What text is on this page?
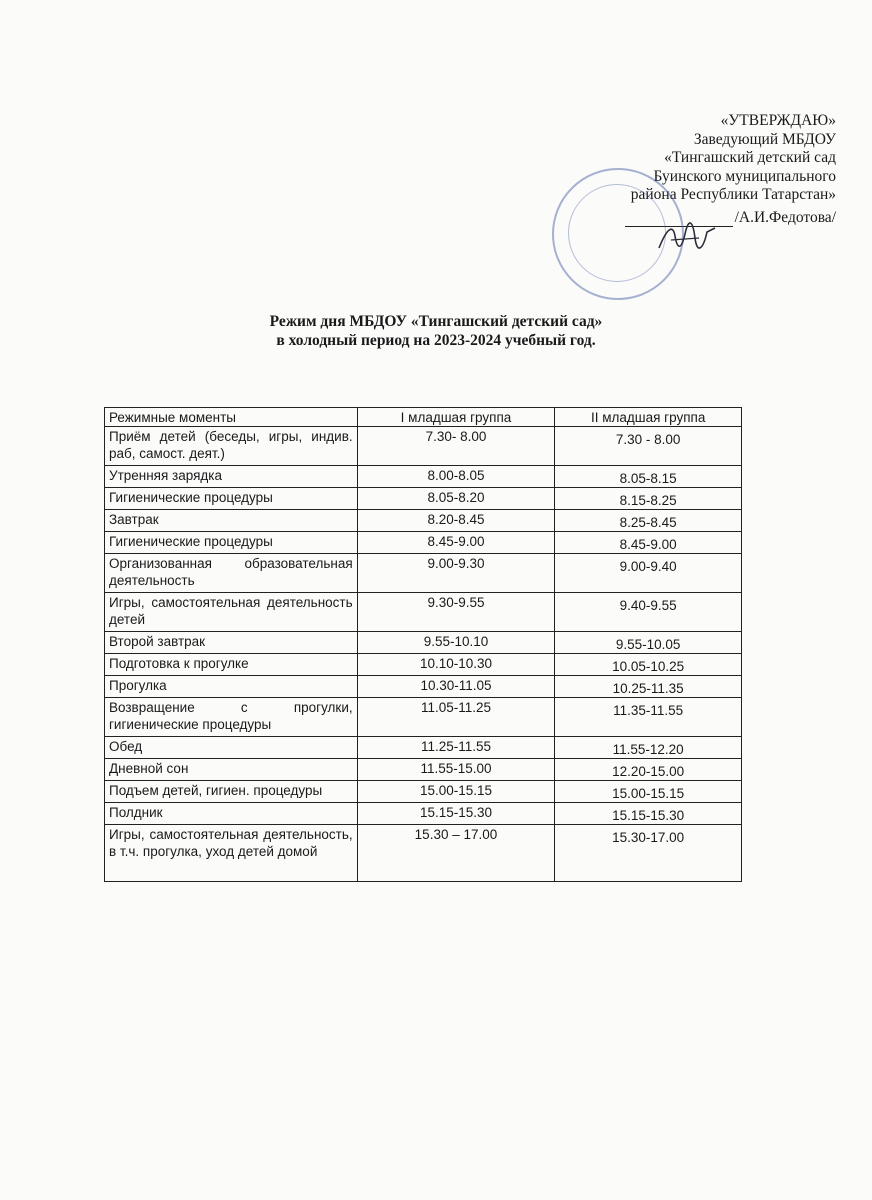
«УТВЕРЖДАЮ»
Заведующий МБДОУ
«Тингашский детский сад
Буинского муниципального
района Республики Татарстан»
/А.И.Федотова/
Режим дня МБДОУ «Тингашский детский сад»
в холодный период на 2023-2024 учебный год.
Режимные моменты	I младшая группа	II младшая группа
Приём детей (беседы, игры, индив. раб, самост. деят.)	7.30- 8.00	7.30 - 8.00
Утренняя зарядка	8.00-8.05	8.05-8.15
Гигиенические процедуры	8.05-8.20	8.15-8.25
Завтрак	8.20-8.45	8.25-8.45
Гигиенические процедуры	8.45-9.00	8.45-9.00
Организованная образовательная деятельность	9.00-9.30	9.00-9.40
Игры, самостоятельная деятельность детей	9.30-9.55	9.40-9.55
Второй завтрак	9.55-10.10	9.55-10.05
Подготовка к прогулке	10.10-10.30	10.05-10.25
Прогулка	10.30-11.05	10.25-11.35
Возвращение с прогулки, гигиенические процедуры	11.05-11.25	11.35-11.55
Обед	11.25-11.55	11.55-12.20
Дневной сон	11.55-15.00	12.20-15.00
Подъем детей, гигиен. процедуры	15.00-15.15	15.00-15.15
Полдник	15.15-15.30	15.15-15.30
Игры, самостоятельная деятельность, в т.ч. прогулка, уход детей домой	15.30 – 17.00	15.30-17.00
